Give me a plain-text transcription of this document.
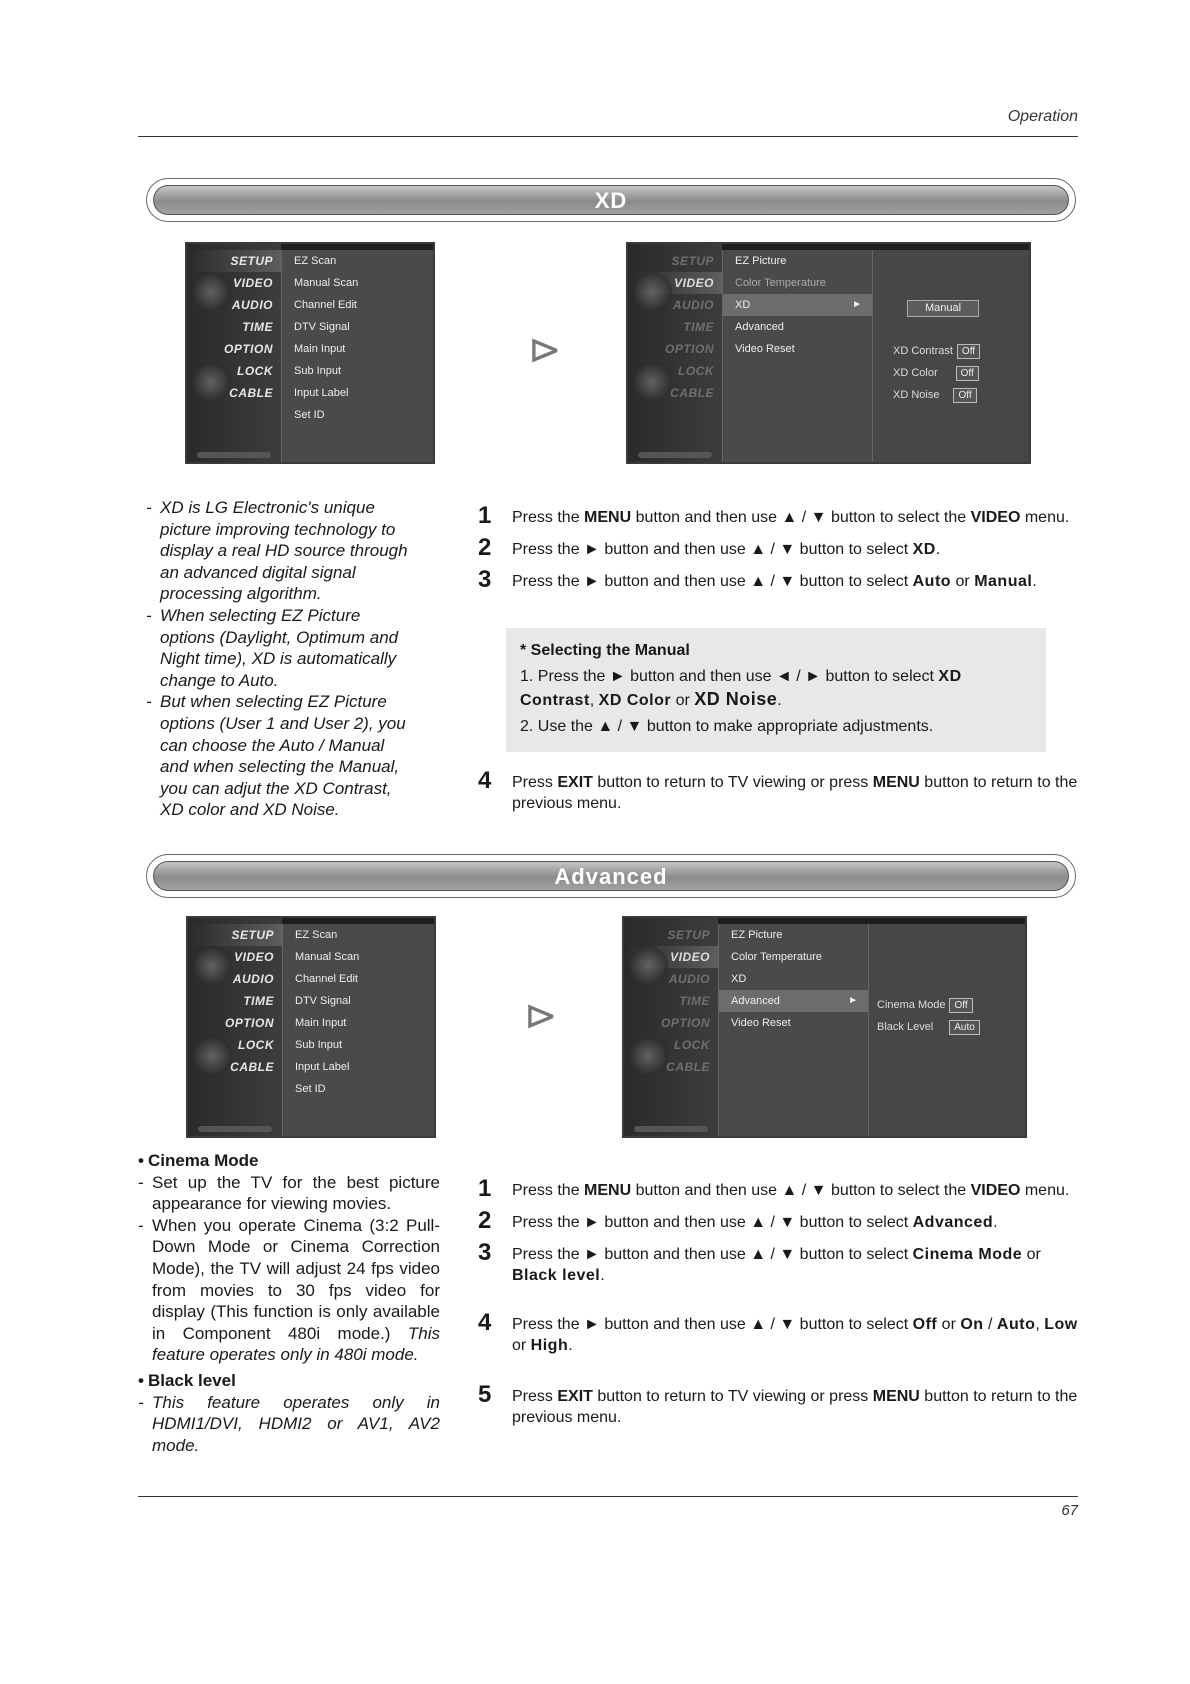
Operation
XD
SETUP
VIDEO
AUDIO
TIME
OPTION
LOCK
CABLE
EZ Scan
Manual Scan
Channel Edit
DTV Signal
Main Input
Sub Input
Input Label
Set ID
⊳
SETUP
VIDEO
AUDIO
TIME
OPTION
LOCK
CABLE
EZ Picture
Color Temperature
XD	►
Advanced
Video Reset
Manual
XD Contrast Off
XD Color Off
XD Noise Off
- XD is LG Electronic's unique picture improving technology to display a real HD source through an advanced digital signal processing algorithm.
- When selecting EZ Picture options (Daylight, Optimum and Night time), XD is automatically change to Auto.
- But when selecting EZ Picture options (User 1 and User 2), you can choose the Auto / Manual and when selecting the Manual, you can adjut the XD Contrast, XD color and XD Noise.
1 Press the MENU button and then use ▲ / ▼ button to select the VIDEO menu.
2 Press the ► button and then use ▲ / ▼ button to select XD.
3 Press the ► button and then use ▲ / ▼ button to select Auto or Manual.
4 Press EXIT button to return to TV viewing or press MENU button to return to the previous menu.
* Selecting the Manual
1. Press the ► button and then use ◄ / ► button to select XD Contrast, XD Color or XD Noise.
2. Use the ▲ / ▼ button to make appropriate adjustments.
Advanced
SETUP
VIDEO
AUDIO
TIME
OPTION
LOCK
CABLE
EZ Scan
Manual Scan
Channel Edit
DTV Signal
Main Input
Sub Input
Input Label
Set ID
⊳
SETUP
VIDEO
AUDIO
TIME
OPTION
LOCK
CABLE
EZ Picture
Color Temperature
XD
Advanced	►
Video Reset
Cinema Mode Off
Black Level Auto
• Cinema Mode
- Set up the TV for the best picture appearance for viewing movies.
- When you operate Cinema (3:2 Pull-Down Mode or Cinema Correction Mode), the TV will adjust 24 fps video from movies to 30 fps video for display (This function is only available in Component 480i mode.) This feature operates only in 480i mode.
• Black level
- This feature operates only in HDMI1/DVI, HDMI2 or AV1, AV2 mode.
1 Press the MENU button and then use ▲ / ▼ button to select the VIDEO menu.
2 Press the ► button and then use ▲ / ▼ button to select Advanced.
3 Press the ► button and then use ▲ / ▼ button to select Cinema Mode or Black level.
4 Press the ► button and then use ▲ / ▼ button to select Off or On / Auto, Low or High.
5 Press EXIT button to return to TV viewing or press MENU button to return to the previous menu.
67
